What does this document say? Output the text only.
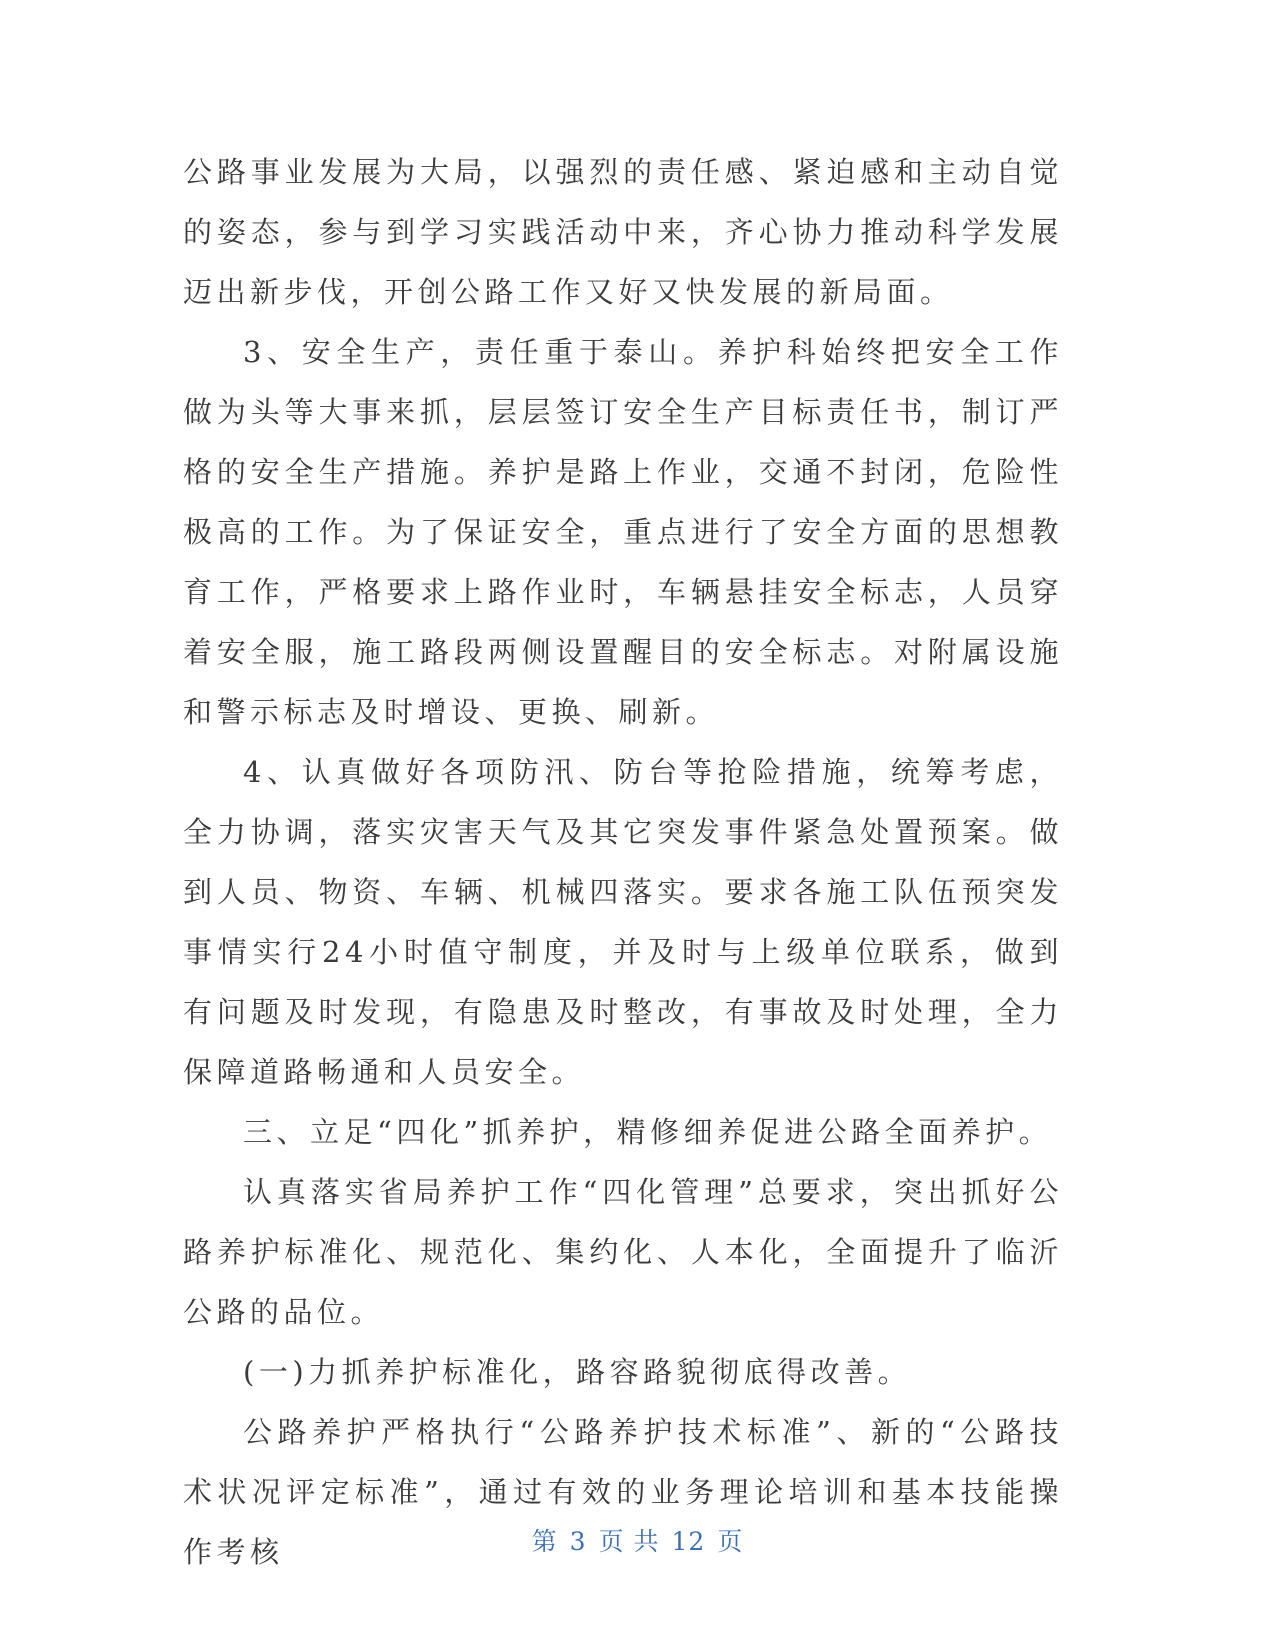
公路事业发展为大局，以强烈的责任感、紧迫感和主动自觉的姿态，参与到学习实践活动中来，齐心协力推动科学发展迈出新步伐，开创公路工作又好又快发展的新局面。

3、安全生产，责任重于泰山。养护科始终把安全工作做为头等大事来抓，层层签订安全生产目标责任书，制订严格的安全生产措施。养护是路上作业，交通不封闭，危险性极高的工作。为了保证安全，重点进行了安全方面的思想教育工作，严格要求上路作业时，车辆悬挂安全标志，人员穿着安全服，施工路段两侧设置醒目的安全标志。对附属设施和警示标志及时增设、更换、刷新。

4、认真做好各项防汛、防台等抢险措施，统筹考虑，全力协调，落实灾害天气及其它突发事件紧急处置预案。做到人员、物资、车辆、机械四落实。要求各施工队伍预突发事情实行24小时值守制度，并及时与上级单位联系，做到有问题及时发现，有隐患及时整改，有事故及时处理，全力保障道路畅通和人员安全。

三、立足“四化”抓养护，精修细养促进公路全面养护。

认真落实省局养护工作“四化管理”总要求，突出抓好公路养护标准化、规范化、集约化、人本化，全面提升了临沂公路的品位。

(一)力抓养护标准化，路容路貌彻底得改善。

公路养护严格执行“公路养护技术标准”、新的“公路技术状况评定标准”，通过有效的业务理论培训和基本技能操作考核	第 3 页 共 12 页
